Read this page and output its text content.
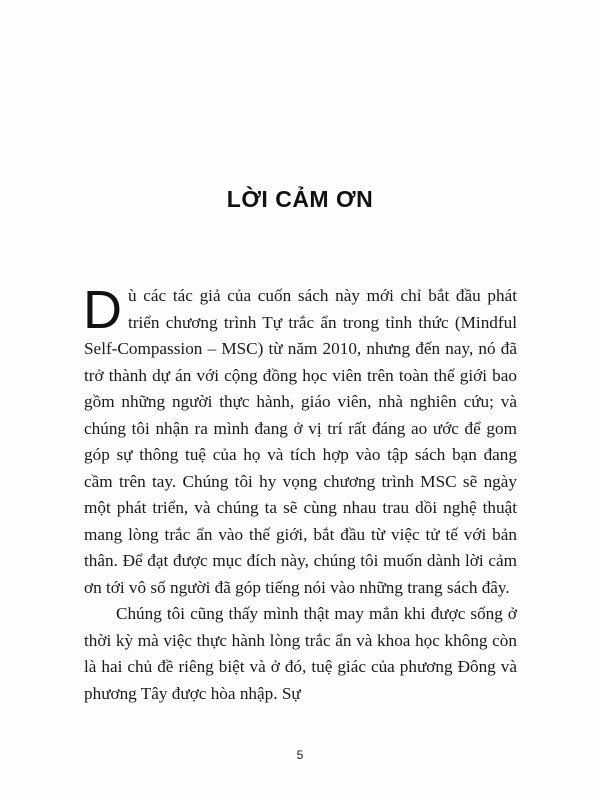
LỜI CẢM ƠN

Dù các tác giả của cuốn sách này mới chỉ bắt đầu phát triển chương trình Tự trắc ẩn trong tỉnh thức (Mindful Self-Compassion – MSC) từ năm 2010, nhưng đến nay, nó đã trở thành dự án với cộng đồng học viên trên toàn thế giới bao gồm những người thực hành, giáo viên, nhà nghiên cứu; và chúng tôi nhận ra mình đang ở vị trí rất đáng ao ước để gom góp sự thông tuệ của họ và tích hợp vào tập sách bạn đang cầm trên tay. Chúng tôi hy vọng chương trình MSC sẽ ngày một phát triển, và chúng ta sẽ cùng nhau trau dồi nghệ thuật mang lòng trắc ẩn vào thế giới, bắt đầu từ việc tử tế với bản thân. Để đạt được mục đích này, chúng tôi muốn dành lời cảm ơn tới vô số người đã góp tiếng nói vào những trang sách đây.

Chúng tôi cũng thấy mình thật may mắn khi được sống ở thời kỳ mà việc thực hành lòng trắc ẩn và khoa học không còn là hai chủ đề riêng biệt và ở đó, tuệ giác của phương Đông và phương Tây được hòa nhập. Sự

5
